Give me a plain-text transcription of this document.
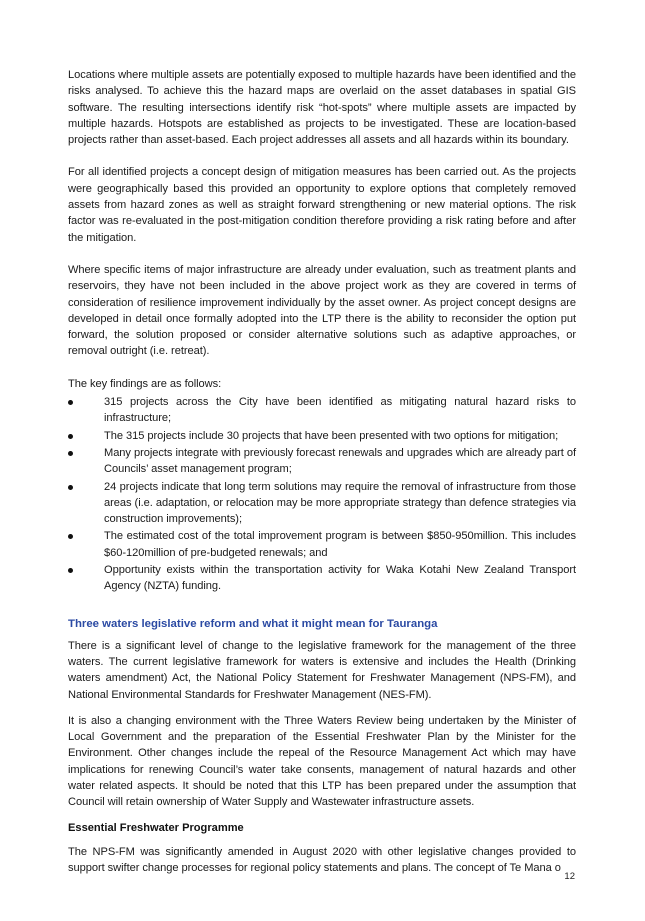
Locations where multiple assets are potentially exposed to multiple hazards have been identified and the risks analysed. To achieve this the hazard maps are overlaid on the asset databases in spatial GIS software. The resulting intersections identify risk “hot-spots” where multiple assets are impacted by multiple hazards. Hotspots are established as projects to be investigated. These are location-based projects rather than asset-based. Each project addresses all assets and all hazards within its boundary.

For all identified projects a concept design of mitigation measures has been carried out. As the projects were geographically based this provided an opportunity to explore options that completely removed assets from hazard zones as well as straight forward strengthening or new material options. The risk factor was re-evaluated in the post-mitigation condition therefore providing a risk rating before and after the mitigation.

Where specific items of major infrastructure are already under evaluation, such as treatment plants and reservoirs, they have not been included in the above project work as they are covered in terms of consideration of resilience improvement individually by the asset owner. As project concept designs are developed in detail once formally adopted into the LTP there is the ability to reconsider the option put forward, the solution proposed or consider alternative solutions such as adaptive approaches, or removal outright (i.e. retreat).

The key findings are as follows:

315 projects across the City have been identified as mitigating natural hazard risks to infrastructure;
The 315 projects include 30 projects that have been presented with two options for mitigation;
Many projects integrate with previously forecast renewals and upgrades which are already part of Councils’ asset management program;
24 projects indicate that long term solutions may require the removal of infrastructure from those areas (i.e. adaptation, or relocation may be more appropriate strategy than defence strategies via construction improvements);
The estimated cost of the total improvement program is between $850-950million. This includes $60-120million of pre-budgeted renewals; and
Opportunity exists within the transportation activity for Waka Kotahi New Zealand Transport Agency (NZTA) funding.
Three waters legislative reform and what it might mean for Tauranga

There is a significant level of change to the legislative framework for the management of the three waters. The current legislative framework for waters is extensive and includes the Health (Drinking waters amendment) Act, the National Policy Statement for Freshwater Management (NPS-FM), and National Environmental Standards for Freshwater Management (NES-FM).

It is also a changing environment with the Three Waters Review being undertaken by the Minister of Local Government and the preparation of the Essential Freshwater Plan by the Minister for the Environment. Other changes include the repeal of the Resource Management Act which may have implications for renewing Council’s water take consents, management of natural hazards and other water related aspects. It should be noted that this LTP has been prepared under the assumption that Council will retain ownership of Water Supply and Wastewater infrastructure assets.

Essential Freshwater Programme

The NPS-FM was significantly amended in August 2020 with other legislative changes provided to support swifter change processes for regional policy statements and plans. The concept of Te Mana o

12
